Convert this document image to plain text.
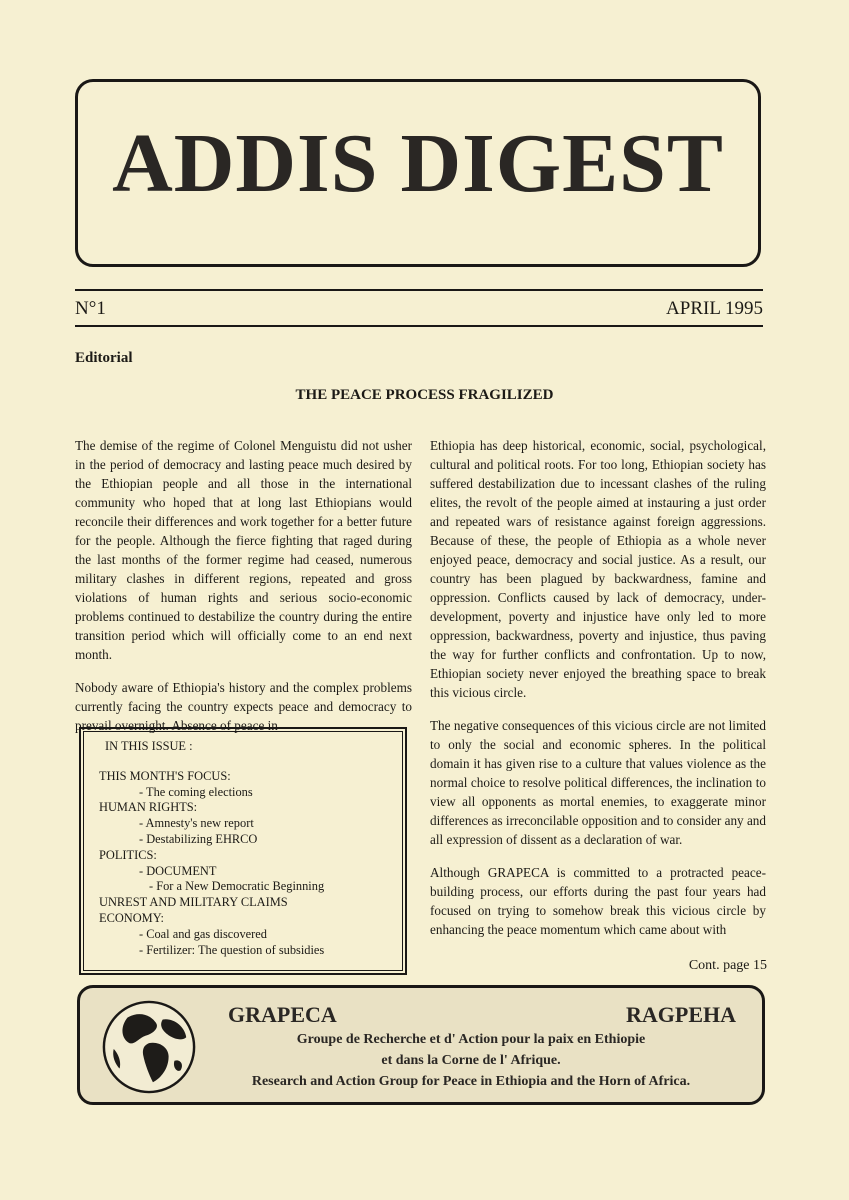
ADDIS DIGEST
N°1	APRIL 1995
Editorial
THE PEACE PROCESS FRAGILIZED

The demise of the regime of Colonel Menguistu did not usher in the period of democracy and lasting peace much desired by the Ethiopian people and all those in the international community who hoped that at long last Ethiopians would reconcile their differences and work together for a better future for the people. Although the fierce fighting that raged during the last months of the former regime had ceased, numerous military clashes in different regions, repeated and gross violations of human rights and serious socio-economic problems continued to destabilize the country during the entire transition period which will officially come to an end next month.

Nobody aware of Ethiopia's history and the complex problems currently facing the country expects peace and democracy to prevail overnight. Absence of peace in

Ethiopia has deep historical, economic, social, psychological, cultural and political roots. For too long, Ethiopian society has suffered destabilization due to incessant clashes of the ruling elites, the revolt of the people aimed at instauring a just order and repeated wars of resistance against foreign aggressions. Because of these, the people of Ethiopia as a whole never enjoyed peace, democracy and social justice. As a result, our country has been plagued by backwardness, famine and oppression. Conflicts caused by lack of democracy, under-development, poverty and injustice have only led to more oppression, backwardness, poverty and injustice, thus paving the way for further conflicts and confrontation. Up to now, Ethiopian society never enjoyed the breathing space to break this vicious circle.

The negative consequences of this vicious circle are not limited to only the social and economic spheres. In the political domain it has given rise to a culture that values violence as the normal choice to resolve political differences, the inclination to view all opponents as mortal enemies, to exaggerate minor differences as irreconcilable opposition and to consider any and all expression of dissent as a declaration of war.

Although GRAPECA is committed to a protracted peace-building process, our efforts during the past four years had focused on trying to somehow break this vicious circle by enhancing the peace momentum which came about with

IN THIS ISSUE :
THIS MONTH'S FOCUS:
- The coming elections
HUMAN RIGHTS:
- Amnesty's new report
- Destabilizing EHRCO
POLITICS:
- DOCUMENT
- For a New Democratic Beginning
UNREST AND MILITARY CLAIMS
ECONOMY:
- Coal and gas discovered
- Fertilizer: The question of subsidies
Cont. page 15
GRAPECA	RAGPEHA
Groupe de Recherche et d' Action pour la paix en Ethiopie
et dans la Corne de l' Afrique.
Research and Action Group for Peace in Ethiopia and the Horn of Africa.
